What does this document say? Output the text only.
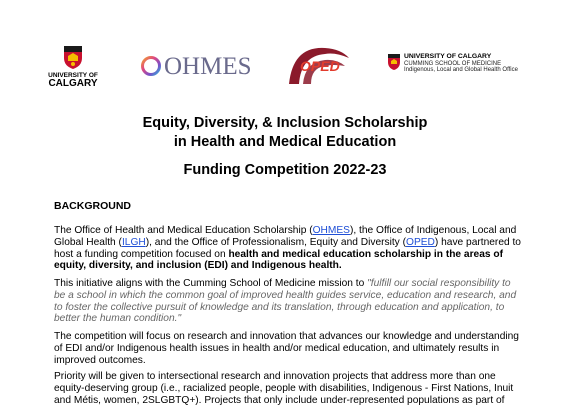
UNIVERSITY OF
CALGARY
OHMES	OPED
UNIVERSITY OF CALGARY
CUMMING SCHOOL OF MEDICINE
Indigenous, Local and Global Health Office
Equity, Diversity, & Inclusion Scholarship
in Health and Medical Education
Funding Competition 2022-23
BACKGROUND
The Office of Health and Medical Education Scholarship (OHMES), the Office of Indigenous, Local and Global Health (ILGH), and the Office of Professionalism, Equity and Diversity (OPED) have partnered to host a funding competition focused on health and medical education scholarship in the areas of equity, diversity, and inclusion (EDI) and Indigenous health.
This initiative aligns with the Cumming School of Medicine mission to "fulfill our social responsibility to be a school in which the common goal of improved health guides service, education and research, and to foster the collective pursuit of knowledge and its translation, through education and application, to better the human condition."
The competition will focus on research and innovation that advances our knowledge and understanding of EDI and/or Indigenous health issues in health and/or medical education, and ultimately results in improved outcomes.
Priority will be given to intersectional research and innovation projects that address more than one equity-deserving group (i.e., racialized people, people with disabilities, Indigenous - First Nations, Inuit and Métis, women, 2SLGBTQ+). Projects that only include under-represented populations as part of
